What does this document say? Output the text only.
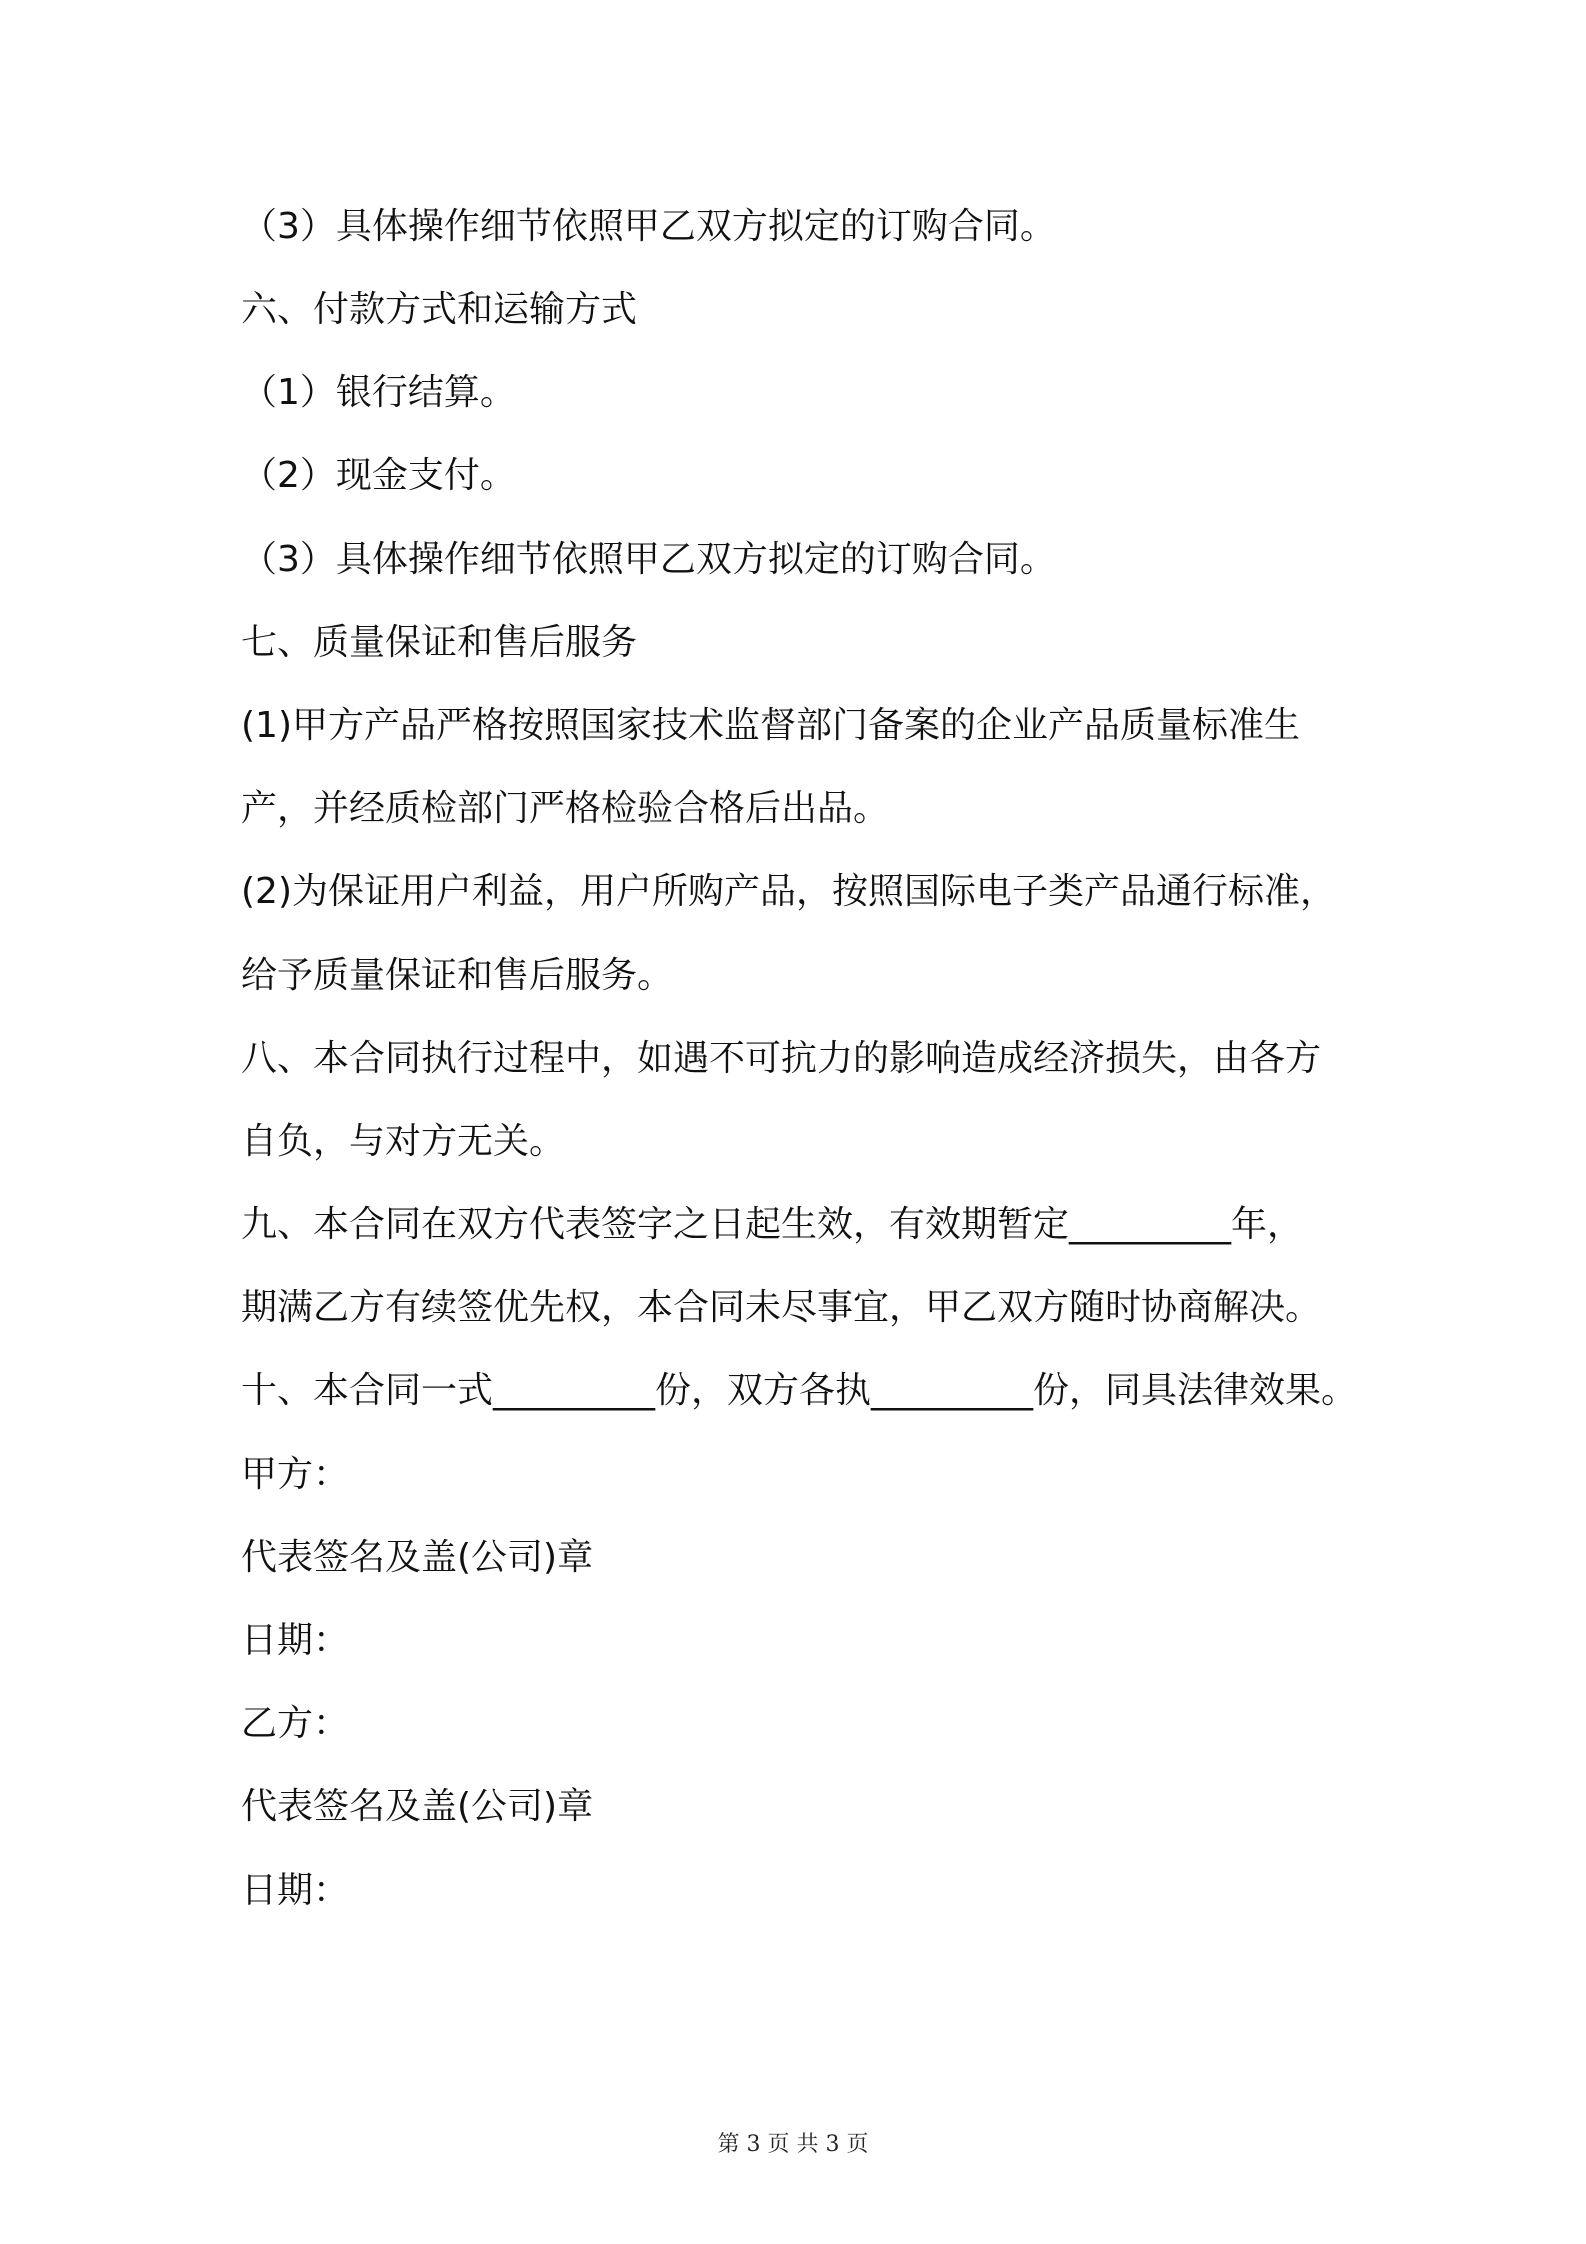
（3）具体操作细节依照甲乙双方拟定的订购合同。
六、付款方式和运输方式
（1）银行结算。
（2）现金支付。
（3）具体操作细节依照甲乙双方拟定的订购合同。
七、质量保证和售后服务
(1)甲方产品严格按照国家技术监督部门备案的企业产品质量标准生
产，并经质检部门严格检验合格后出品。
(2)为保证用户利益，用户所购产品，按照国际电子类产品通行标准，
给予质量保证和售后服务。
八、本合同执行过程中，如遇不可抗力的影响造成经济损失，由各方
自负，与对方无关。
九、本合同在双方代表签字之日起生效，有效期暂定_________年，
期满乙方有续签优先权，本合同未尽事宜，甲乙双方随时协商解决。
十、本合同一式_________份，双方各执_________份，同具法律效果。
甲方：
代表签名及盖(公司)章
日期：
乙方：
代表签名及盖(公司)章
日期：
第 3 页 共 3 页
